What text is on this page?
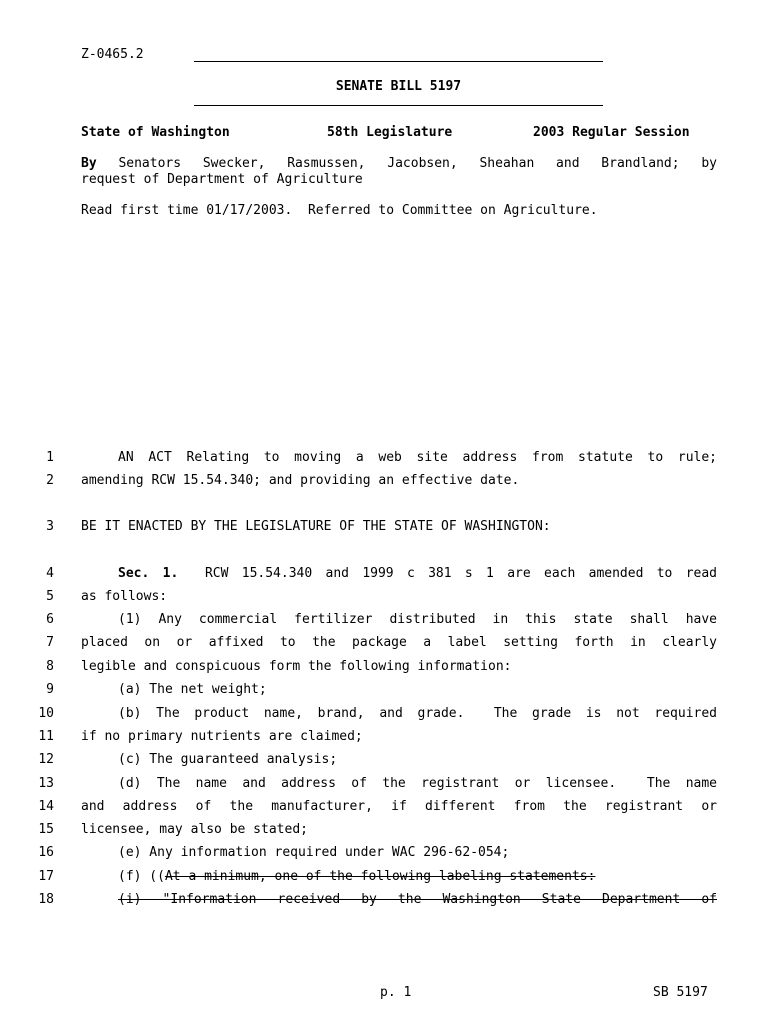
Z-0465.2
SENATE BILL 5197
State of Washington	58th Legislature	2003 Regular Session
By Senators Swecker, Rasmussen, Jacobsen, Sheahan and Brandland; by
request of Department of Agriculture
Read first time 01/17/2003.  Referred to Committee on Agriculture.
1	AN ACT Relating to moving a web site address from statute to rule;
2 amending RCW 15.54.340; and providing an effective date.
3 BE IT ENACTED BY THE LEGISLATURE OF THE STATE OF WASHINGTON:
4	Sec. 1. RCW 15.54.340 and 1999 c 381 s 1 are each amended to read
5 as follows:
6	(1) Any commercial fertilizer distributed in this state shall have
7 placed on or affixed to the package a label setting forth in clearly
8 legible and conspicuous form the following information:
9	(a) The net weight;
10	(b) The product name, brand, and grade.  The grade is not required
11 if no primary nutrients are claimed;
12	(c) The guaranteed analysis;
13	(d) The name and address of the registrant or licensee.  The name
14 and address of the manufacturer, if different from the registrant or
15 licensee, may also be stated;
16	(e) Any information required under WAC 296-62-054;
17	(f) ((At a minimum, one of the following labeling statements:
18	(i) "Information received by the Washington State Department of
p. 1	SB 5197
